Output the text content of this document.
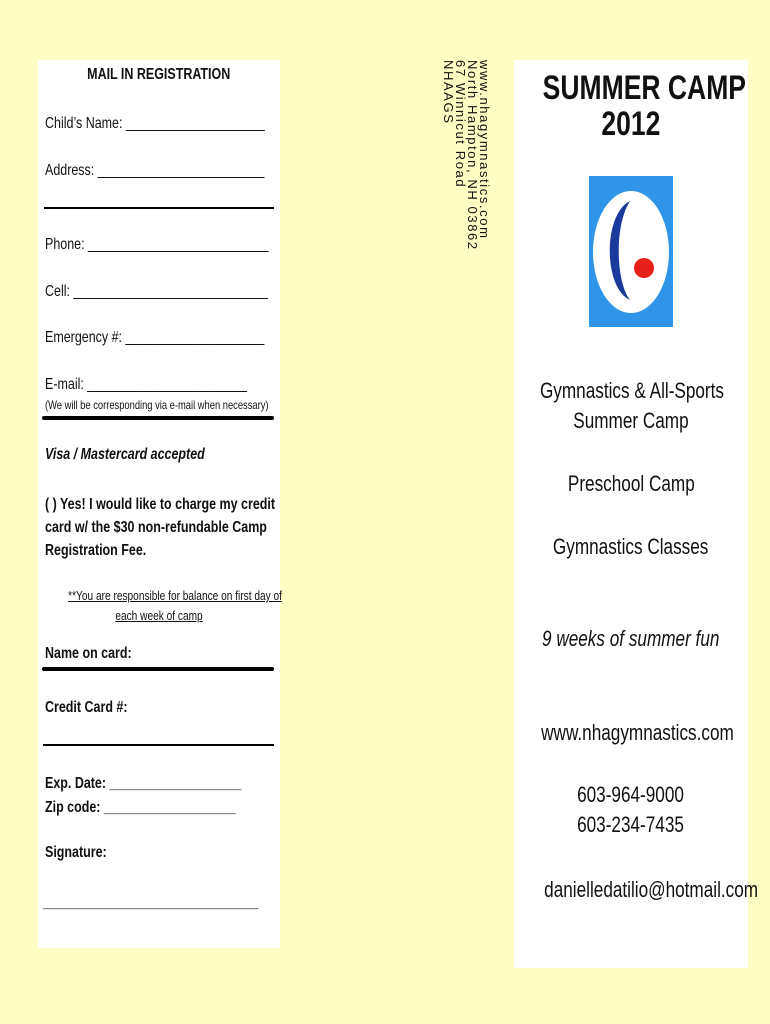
MAIL IN REGISTRATION
Child’s Name: ____________________
Address: ________________________
Phone: __________________________
Cell: ____________________________
Emergency #: ____________________
E-mail: _______________________
(We will be corresponding via e-mail when necessary)
Visa / Mastercard accepted
( ) Yes! I would like to charge my credit
card w/ the $30 non-refundable Camp
Registration Fee.
**You are responsible for balance on first day of
each week of camp
Name on card:
Credit Card #:
Exp. Date: ___________________
Zip code: ___________________
Signature:
_______________________________
www.nhagymnastics.com
North Hampton, NH 03862
67 Winnicut Road
NHAAGS	SUMMER CAMP
2012
Gymnastics & All-Sports
Summer Camp
Preschool Camp
Gymnastics Classes
9 weeks of summer fun
www.nhagymnastics.com
603-964-9000
603-234-7435
danielledatilio@hotmail.com
